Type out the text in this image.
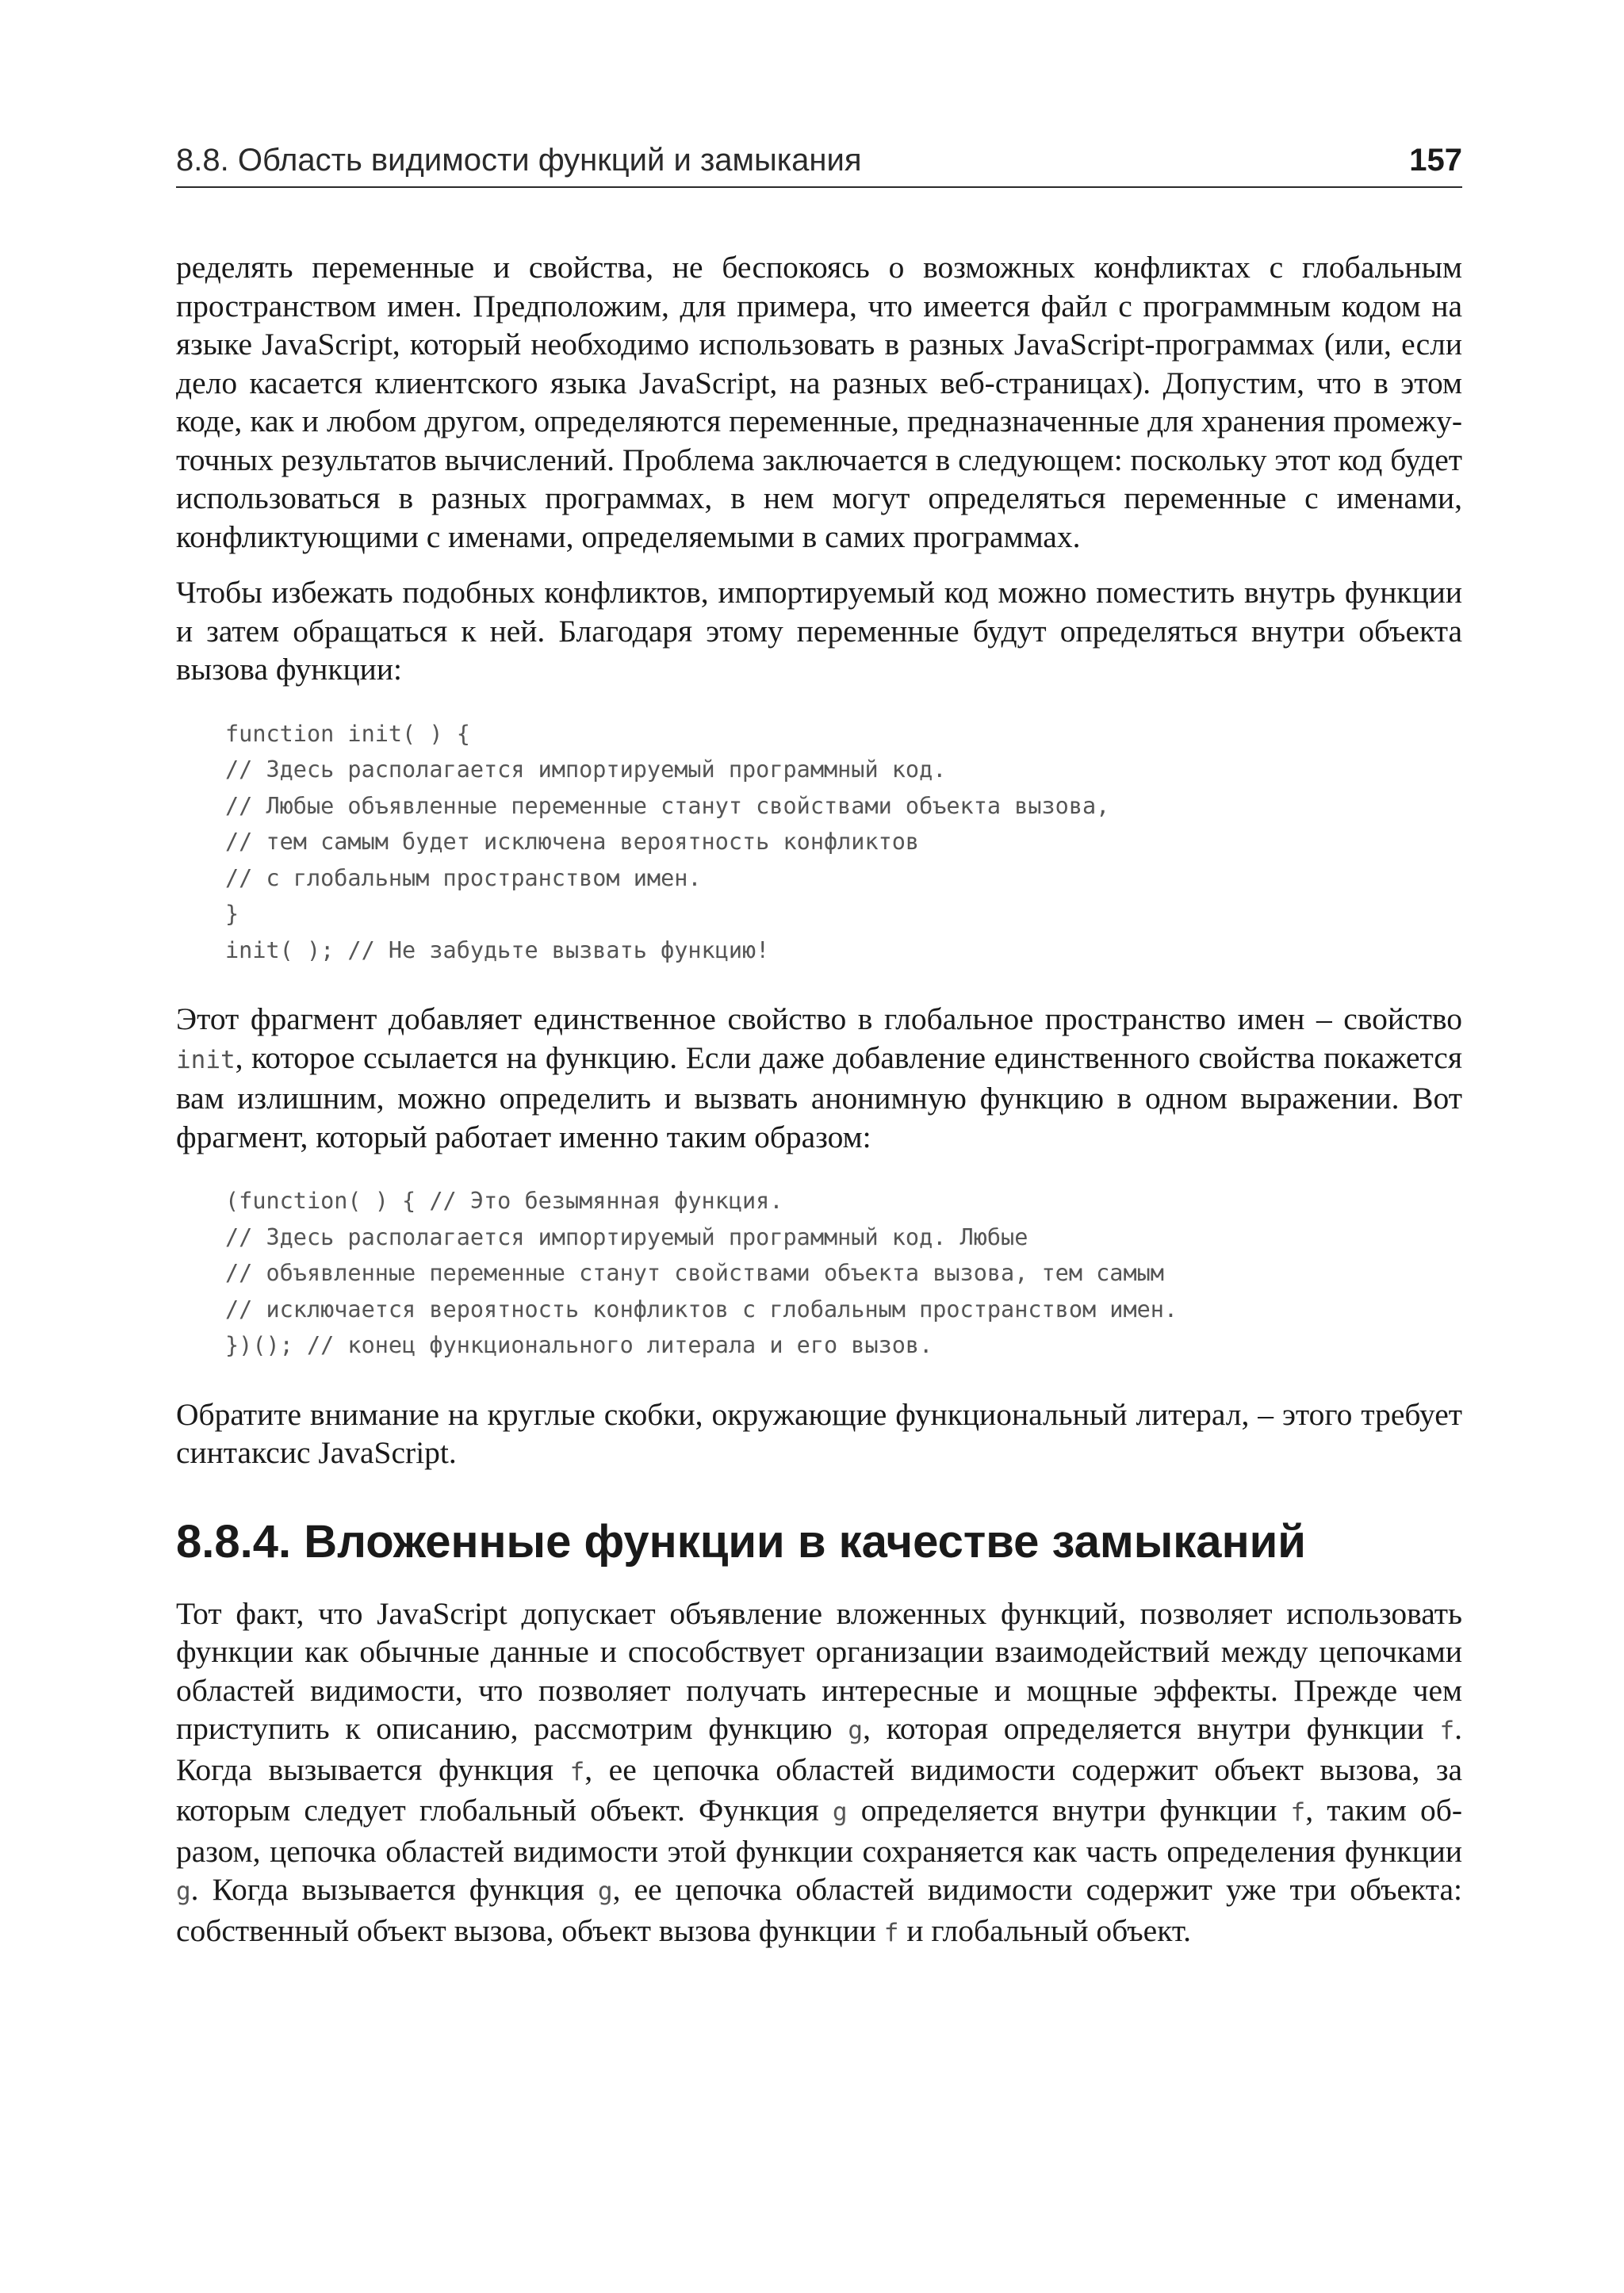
8.8. Область видимости функций и замыкания	157

ределять переменные и свойства, не беспокоясь о возможных конфликтах с глобальным пространством имен. Предположим, для примера, что имеется файл с программным кодом на языке JavaScript, который необходимо использовать в разных JavaScript-программах (или, если дело касается клиентского языка JavaScript, на разных веб-страницах). Допустим, что в этом коде, как и любом другом, определяются переменные, предназначенные для хранения промежуточных результатов вычислений. Проблема заключается в следующем: поскольку этот код будет использоваться в разных программах, в нем могут определяться переменные с именами, конфликтующими с именами, определяемыми в самих программах.

Чтобы избежать подобных конфликтов, импортируемый код можно поместить внутрь функции и затем обращаться к ней. Благодаря этому переменные будут определяться внутри объекта вызова функции:

function init( ) {
// Здесь располагается импортируемый программный код.
// Любые объявленные переменные станут свойствами объекта вызова,
// тем самым будет исключена вероятность конфликтов
// с глобальным пространством имен.
}
init( ); // Не забудьте вызвать функцию!

Этот фрагмент добавляет единственное свойство в глобальное пространство имен – свойство init, которое ссылается на функцию. Если даже добавление единственного свойства покажется вам излишним, можно определить и вызвать анонимную функцию в одном выражении. Вот фрагмент, который работает именно таким образом:

(function( ) { // Это безымянная функция.
// Здесь располагается импортируемый программный код. Любые
// объявленные переменные станут свойствами объекта вызова, тем самым
// исключается вероятность конфликтов с глобальным пространством имен.
})(); // конец функционального литерала и его вызов.

Обратите внимание на круглые скобки, окружающие функциональный литерал, – этого требует синтаксис JavaScript.

8.8.4. Вложенные функции в качестве замыканий

Тот факт, что JavaScript допускает объявление вложенных функций, позволяет использовать функции как обычные данные и способствует организации взаимодействий между цепочками областей видимости, что позволяет получать интересные и мощные эффекты. Прежде чем приступить к описанию, рассмотрим функцию g, которая определяется внутри функции f. Когда вызывается функция f, ее цепочка областей видимости содержит объект вызова, за которым следует глобальный объект. Функция g определяется внутри функции f, таким образом, цепочка областей видимости этой функции сохраняется как часть определения функции g. Когда вызывается функция g, ее цепочка областей видимости содержит уже три объекта: собственный объект вызова, объект вызова функции f и глобальный объект.
